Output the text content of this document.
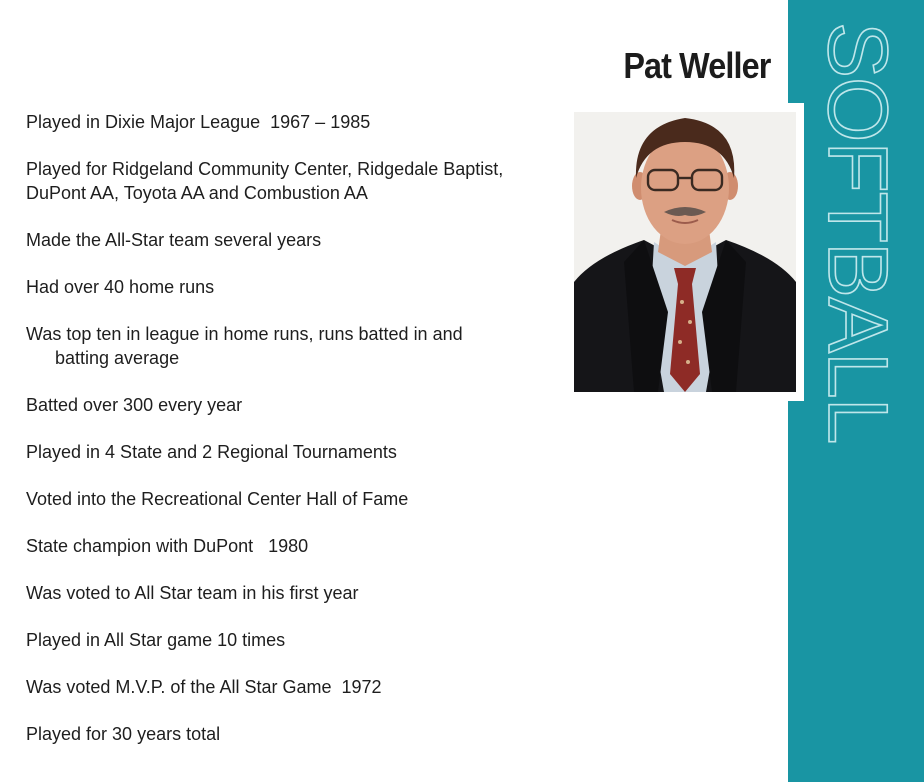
SOFTBALL
Pat Weller
Played in Dixie Major League  1967 – 1985
Played for Ridgeland Community Center, Ridgedale Baptist,
DuPont AA, Toyota AA and Combustion AA
Made the All-Star team several years
Had over 40 home runs
Was top ten in league in home runs, runs batted in and
batting average
Batted over 300 every year
Played in 4 State and 2 Regional Tournaments
Voted into the Recreational Center Hall of Fame
State champion with DuPont   1980
Was voted to All Star team in his first year
Played in All Star game 10 times
Was voted M.V.P. of the All Star Game  1972
Played for 30 years total
